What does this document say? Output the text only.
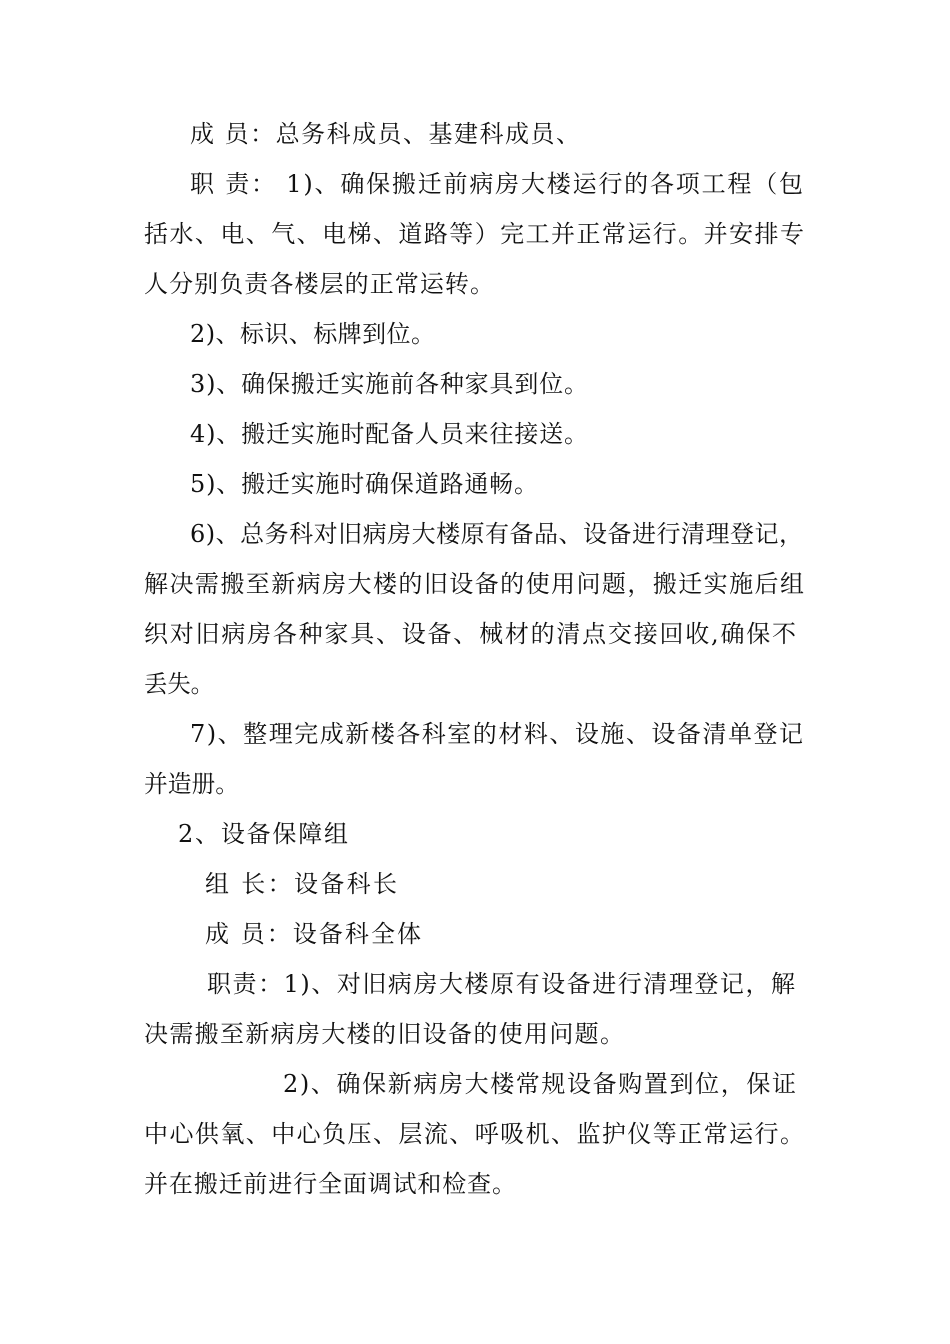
成 员：总务科成员、基建科成员、
职 责： 1)、确保搬迁前病房大楼运行的各项工程（包
括水、电、气、电梯、道路等）完工并正常运行。并安排专
人分别负责各楼层的正常运转。
2)、标识、标牌到位。
3)、确保搬迁实施前各种家具到位。
4)、搬迁实施时配备人员来往接送。
5)、搬迁实施时确保道路通畅。
6)、总务科对旧病房大楼原有备品、设备进行清理登记，
解决需搬至新病房大楼的旧设备的使用问题，搬迁实施后组
织对旧病房各种家具、设备、械材的清点交接回收,确保不
丢失。
7)、整理完成新楼各科室的材料、设施、设备清单登记
并造册。
2、设备保障组
组 长：设备科长
成 员：设备科全体
职责：1)、对旧病房大楼原有设备进行清理登记，解
决需搬至新病房大楼的旧设备的使用问题。
2)、确保新病房大楼常规设备购置到位，保证
中心供氧、中心负压、层流、呼吸机、监护仪等正常运行。
并在搬迁前进行全面调试和检查。
